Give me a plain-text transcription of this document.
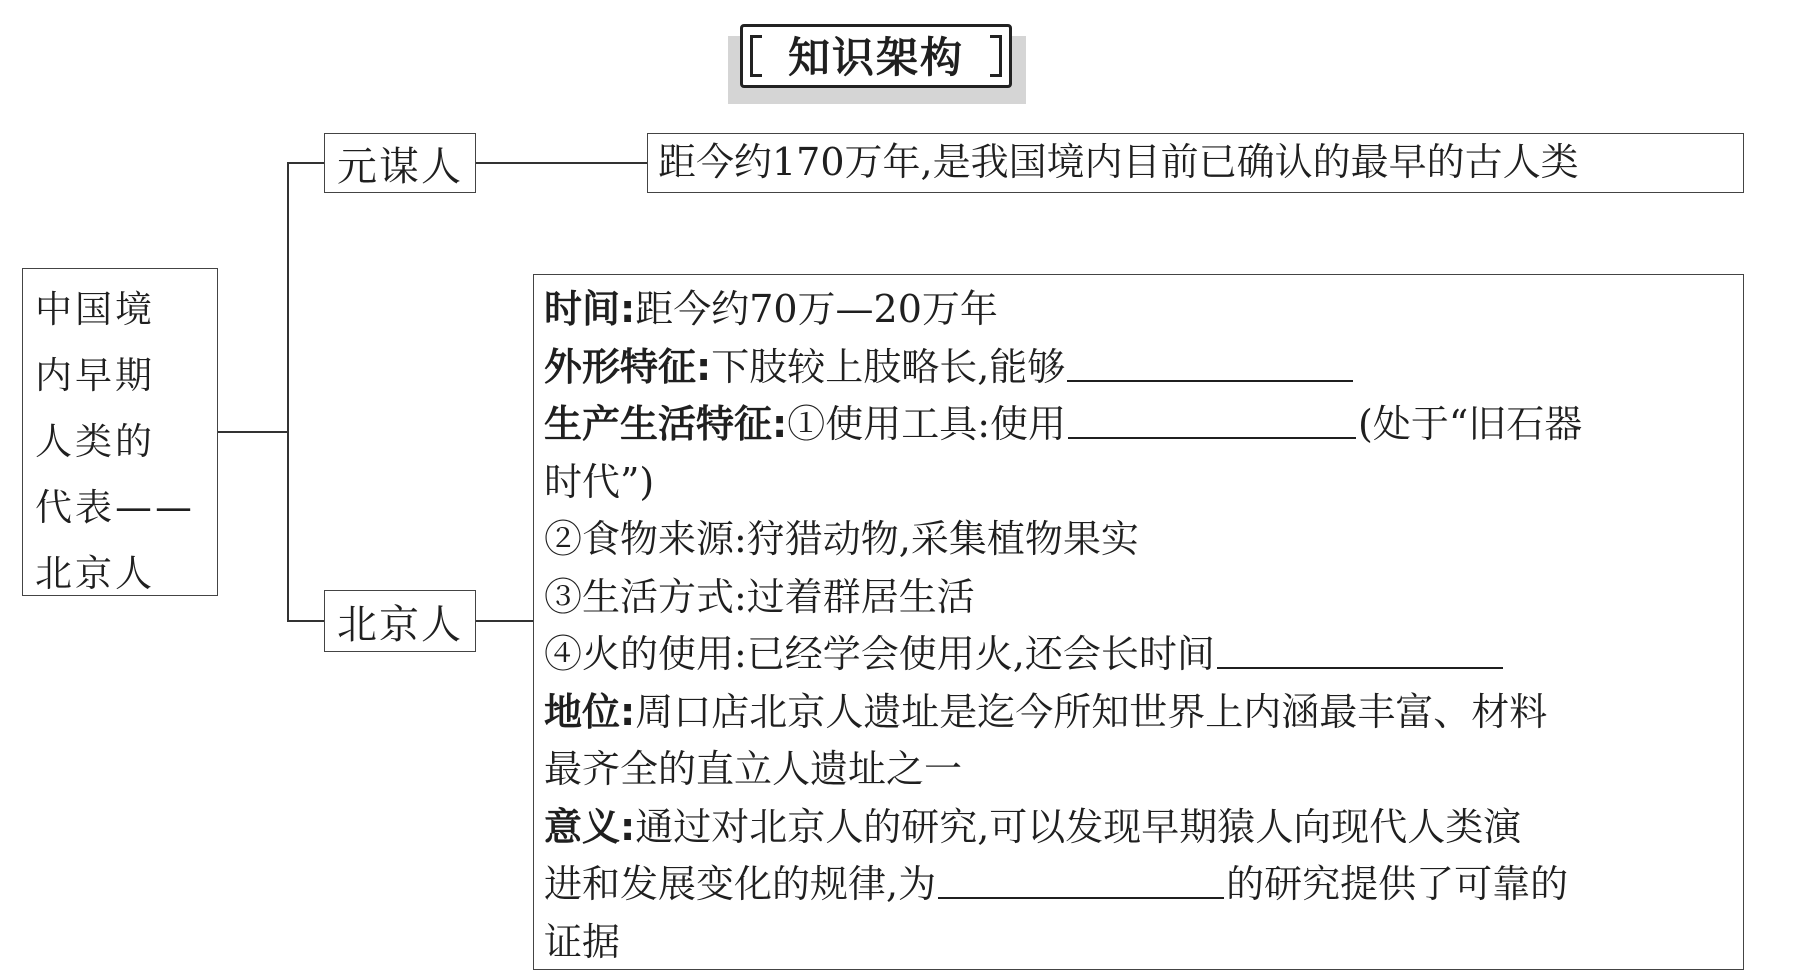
知识架构
中国境
内早期
人类的
代表——
北京人
元谋人	距今约170万年,是我国境内目前已确认的最早的古人类
北京人
时间:距今约70万—20万年
外形特征:下肢较上肢略长,能够
生产生活特征:①使用工具:使用	(处于“旧石器
时代”)
②食物来源:狩猎动物,采集植物果实
③生活方式:过着群居生活
④火的使用:已经学会使用火,还会长时间
地位:周口店北京人遗址是迄今所知世界上内涵最丰富、材料
最齐全的直立人遗址之一
意义:通过对北京人的研究,可以发现早期猿人向现代人类演
进和发展变化的规律,为	的研究提供了可靠的
证据
